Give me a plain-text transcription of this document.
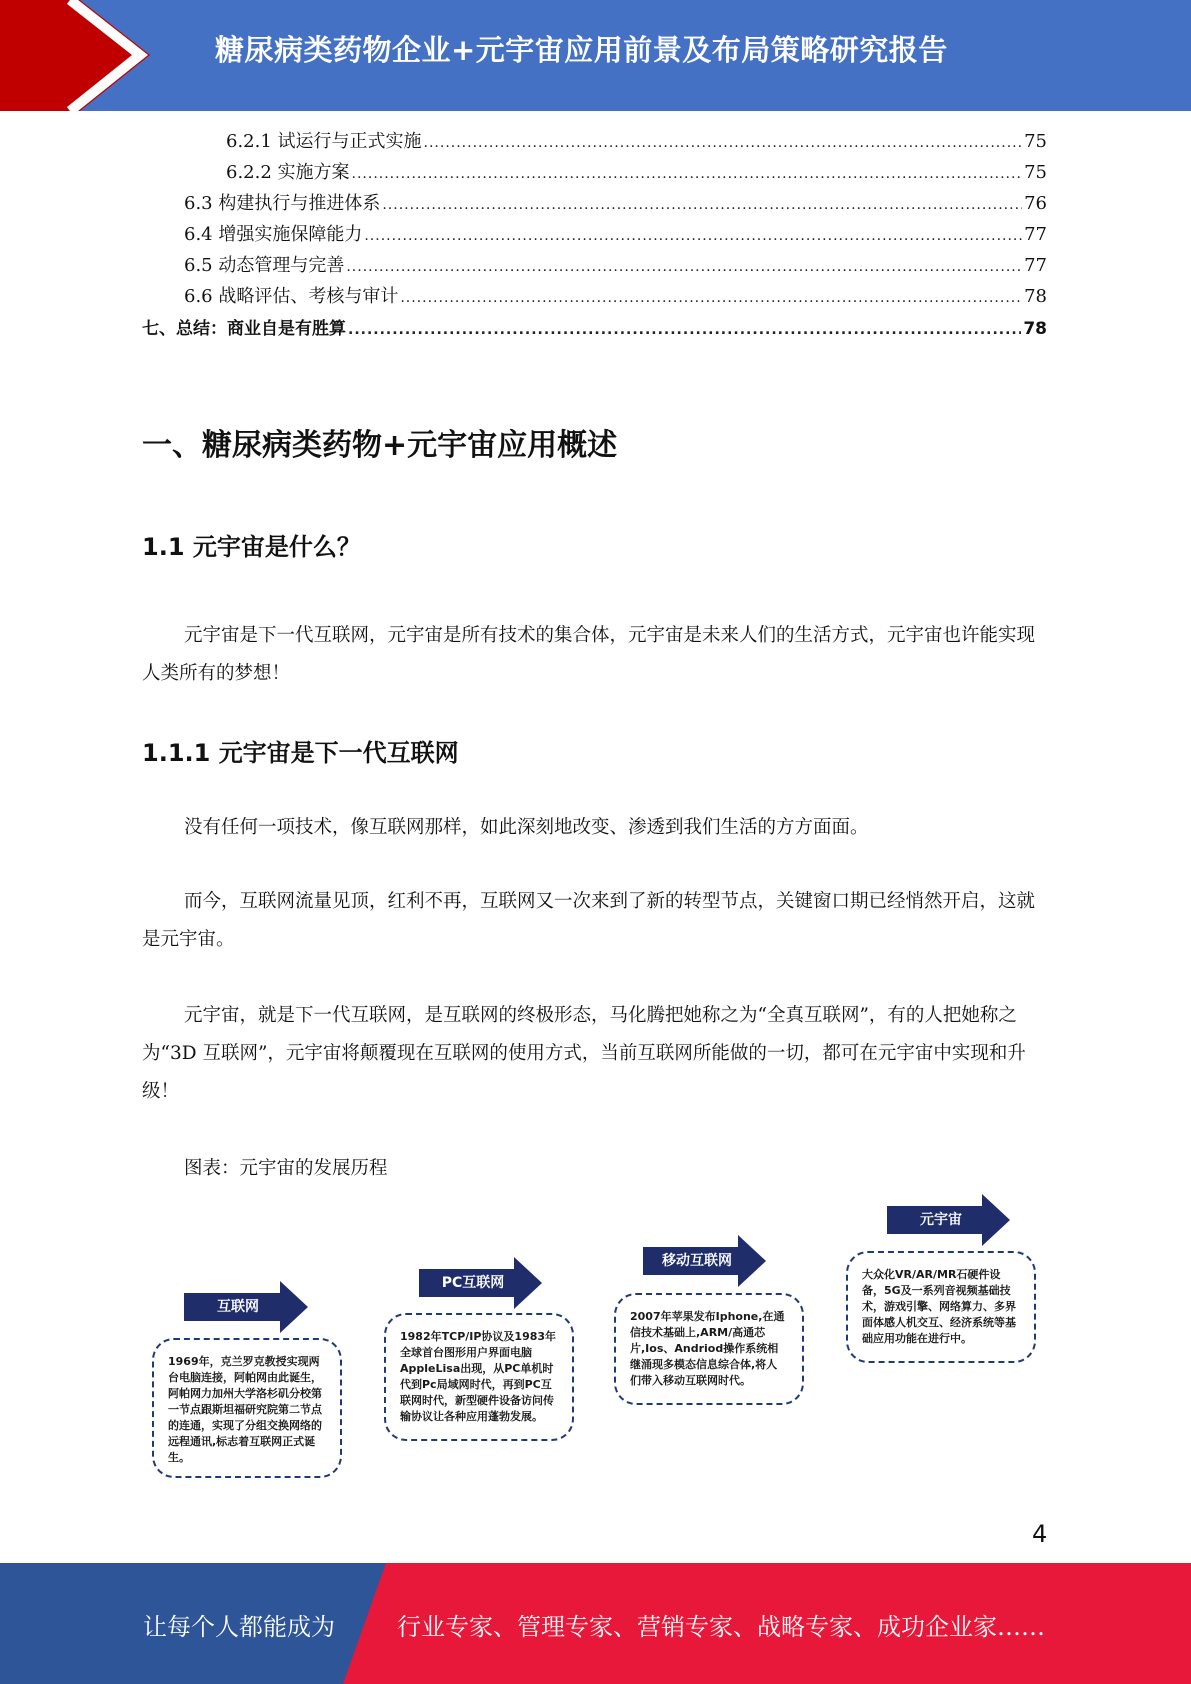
糖尿病类药物企业+元宇宙应用前景及布局策略研究报告
6.2.1 试运行与正式实施 .....	75
6.2.2 实施方案 .....	75
6.3 构建执行与推进体系 .....	76
6.4 增强实施保障能力 .....	77
6.5 动态管理与完善 .....	77
6.6 战略评估、考核与审计 .....	78
七、总结：商业自是有胜算 .....	78
一、糖尿病类药物+元宇宙应用概述
1.1 元宇宙是什么？

元宇宙是下一代互联网，元宇宙是所有技术的集合体，元宇宙是未来人们的生活方式，元宇宙也许能实现人类所有的梦想！

1.1.1 元宇宙是下一代互联网

没有任何一项技术，像互联网那样，如此深刻地改变、渗透到我们生活的方方面面。

而今，互联网流量见顶，红利不再，互联网又一次来到了新的转型节点，关键窗口期已经悄然开启，这就是元宇宙。

元宇宙，就是下一代互联网，是互联网的终极形态，马化腾把她称之为“全真互联网”，有的人把她称之为“3D 互联网”，元宇宙将颠覆现在互联网的使用方式，当前互联网所能做的一切，都可在元宇宙中实现和升级！

图表：元宇宙的发展历程
互联网
PC互联网
移动互联网
元宇宙
1969年，克兰罗克教授实现两台电脑连接，阿帕网由此诞生，阿帕网力加州大学洛杉矶分校第一节点跟斯坦福研究院第二节点的连通，实现了分组交换网络的远程通讯,标志着互联网正式诞生。
1982年TCP/IP协议及1983年全球首台图形用户界面电脑AppleLisa出现，从PC单机时代到Pc局域网时代，再到PC互联网时代，新型硬件设备访问传输协议让各种应用蓬勃发展。
2007年苹果发布Iphone,在通信技术基础上,ARM/高通芯片,Ios、Andriod操作系统相继涌现多模态信息综合体,将人们带入移动互联网时代。
大众化VR/AR/MR石硬件设备，5G及一系列音视频基础技术，游戏引擎、网络算力、多界面体感人机交互、经济系统等基础应用功能在进行中。
4
让每个人都能成为	行业专家、管理专家、营销专家、战略专家、成功企业家……
